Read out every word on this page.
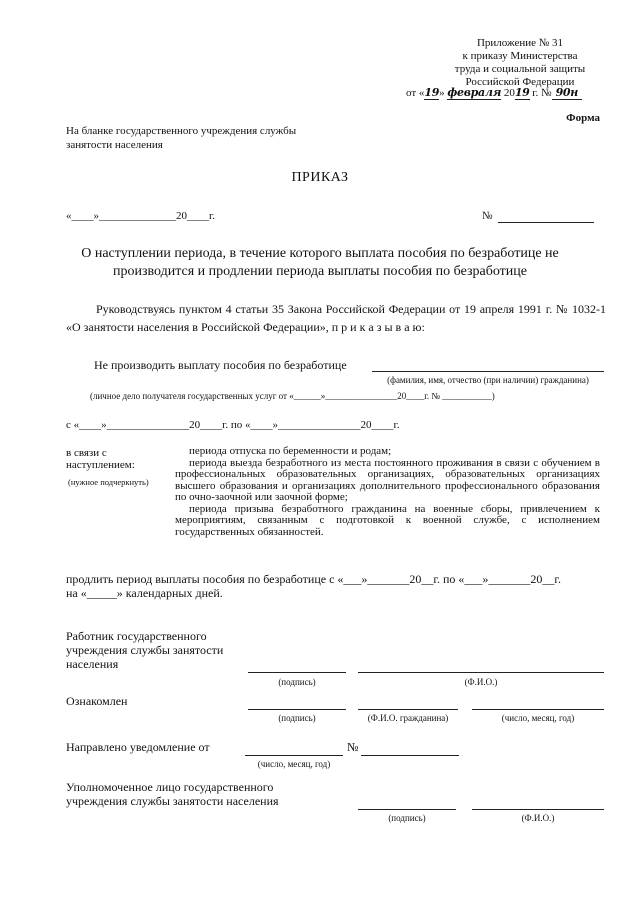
Приложение № 31
к приказу Министерства
труда и социальной защиты
Российской Федерации
от «19» февраля 2019 г. № 90н
Форма
На бланке государственного учреждения службы занятости населения
ПРИКАЗ
«____»______________20____г.	№
О наступлении периода, в течение которого выплата пособия по безработице не производится и продлении периода выплаты пособия по безработице
Руководствуясь пунктом 4 статьи 35 Закона Российской Федерации от 19 апреля 1991 г. № 1032-1 «О занятости населения в Российской Федерации», п р и к а з ы в а ю:
Не производить выплату пособия по безработице
(фамилия, имя, отчество (при наличии) гражданина)
(личное дело получателя государственных услуг от «______»________________20____г. № ___________)
с «____»_______________20____г. по «____»_______________20____г.
в связи с
наступлением:
(нужное подчеркнуть)

периода отпуска по беременности и родам;

периода выезда безработного из места постоянного проживания в связи с обучением в профессиональных образовательных организациях, образовательных организациях высшего образования и организациях дополнительного профессионального образования по очно-заочной или заочной форме;

периода призыва безработного гражданина на военные сборы, привлечением к мероприятиям, связанным с подготовкой к военной службе, с исполнением государственных обязанностей.

продлить период выплаты пособия по безработице с «___»_______20__г. по «___»_______20__г.
на «_____» календарных дней.
Работник государственного учреждения службы занятости населения
(подпись)	(Ф.И.О.)
Ознакомлен
(подпись)	(Ф.И.О. гражданина)	(число, месяц, год)
Направлено уведомление от
(число, месяц, год)
№
Уполномоченное лицо государственного учреждения службы занятости населения
(подпись)	(Ф.И.О.)
